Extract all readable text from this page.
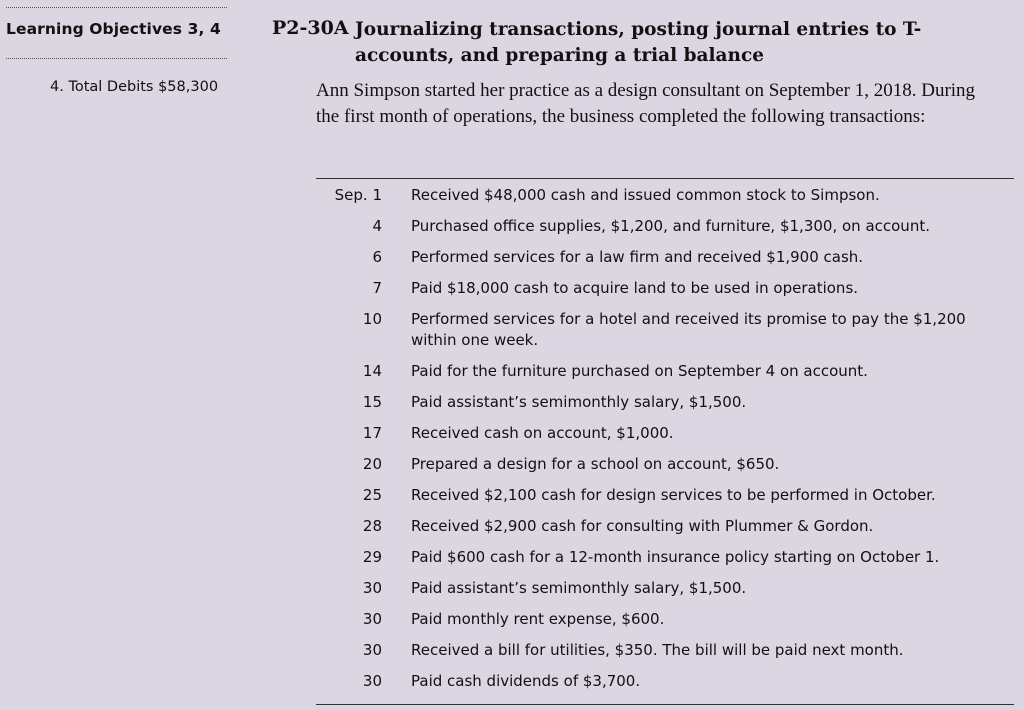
Learning Objectives 3, 4
4. Total Debits $58,300
P2-30A Journalizing transactions, posting journal entries to T-accounts, and preparing a trial balance
Ann Simpson started her practice as a design consultant on September 1, 2018. During the first month of operations, the business completed the following transactions:
Sep. 1 Received $48,000 cash and issued common stock to Simpson.
4 Purchased office supplies, $1,200, and furniture, $1,300, on account.
6 Performed services for a law firm and received $1,900 cash.
7 Paid $18,000 cash to acquire land to be used in operations.
10 Performed services for a hotel and received its promise to pay the $1,200 within one week.
14 Paid for the furniture purchased on September 4 on account.
15 Paid assistant’s semimonthly salary, $1,500.
17 Received cash on account, $1,000.
20 Prepared a design for a school on account, $650.
25 Received $2,100 cash for design services to be performed in October.
28 Received $2,900 cash for consulting with Plummer & Gordon.
29 Paid $600 cash for a 12-month insurance policy starting on October 1.
30 Paid assistant’s semimonthly salary, $1,500.
30 Paid monthly rent expense, $600.
30 Received a bill for utilities, $350. The bill will be paid next month.
30 Paid cash dividends of $3,700.
